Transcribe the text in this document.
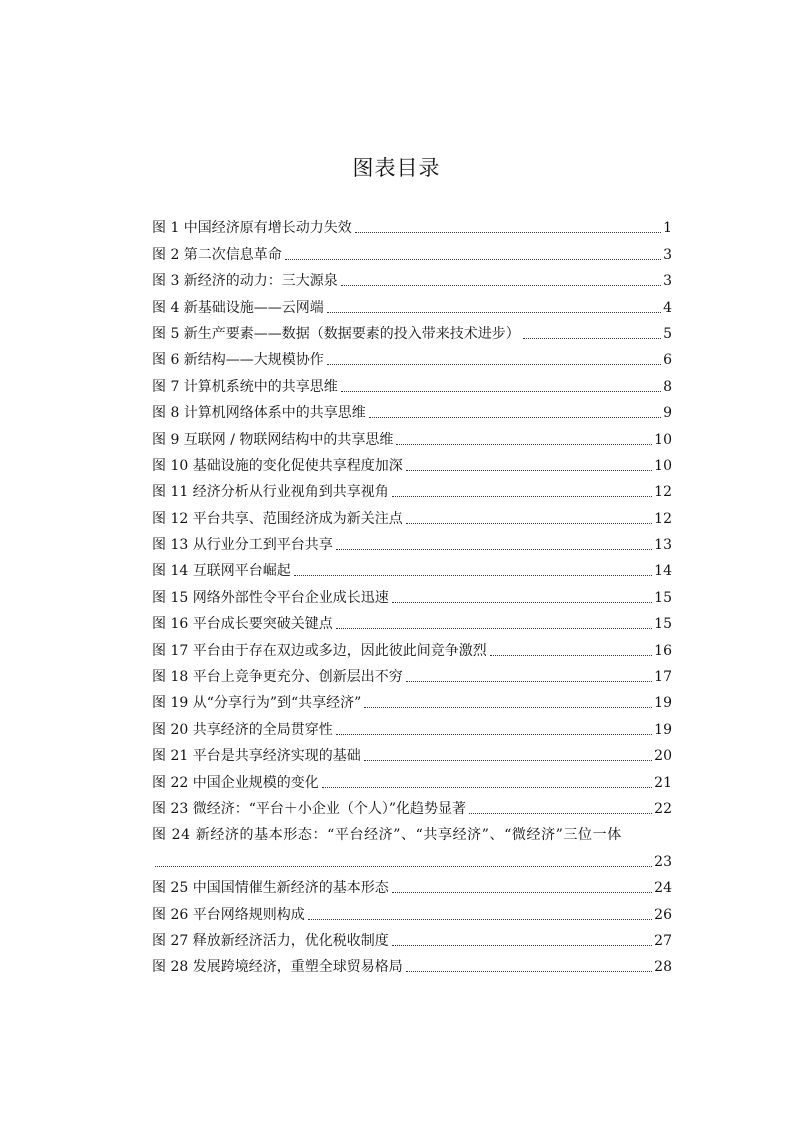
图表目录
图 1 中国经济原有增长动力失效	1
图 2 第二次信息革命	3
图 3 新经济的动力：三大源泉	3
图 4 新基础设施——云网端	4
图 5 新生产要素——数据（数据要素的投入带来技术进步）	5
图 6 新结构——大规模协作	6
图 7 计算机系统中的共享思维	8
图 8 计算机网络体系中的共享思维	9
图 9 互联网 / 物联网结构中的共享思维	10
图 10 基础设施的变化促使共享程度加深	10
图 11 经济分析从行业视角到共享视角	12
图 12 平台共享、范围经济成为新关注点	12
图 13 从行业分工到平台共享	13
图 14 互联网平台崛起	14
图 15 网络外部性令平台企业成长迅速	15
图 16 平台成长要突破关键点	15
图 17 平台由于存在双边或多边，因此彼此间竞争激烈	16
图 18 平台上竞争更充分、创新层出不穷	17
图 19 从“分享行为”到“共享经济”	19
图 20 共享经济的全局贯穿性	19
图 21 平台是共享经济实现的基础	20
图 22 中国企业规模的变化	21
图 23 微经济：“平台＋小企业（个人）”化趋势显著	22
图 24 新经济的基本形态：“平台经济”、“共享经济”、“微经济”三位一体
23
图 25 中国国情催生新经济的基本形态	24
图 26 平台网络规则构成	26
图 27 释放新经济活力，优化税收制度	27
图 28 发展跨境经济，重塑全球贸易格局	28
